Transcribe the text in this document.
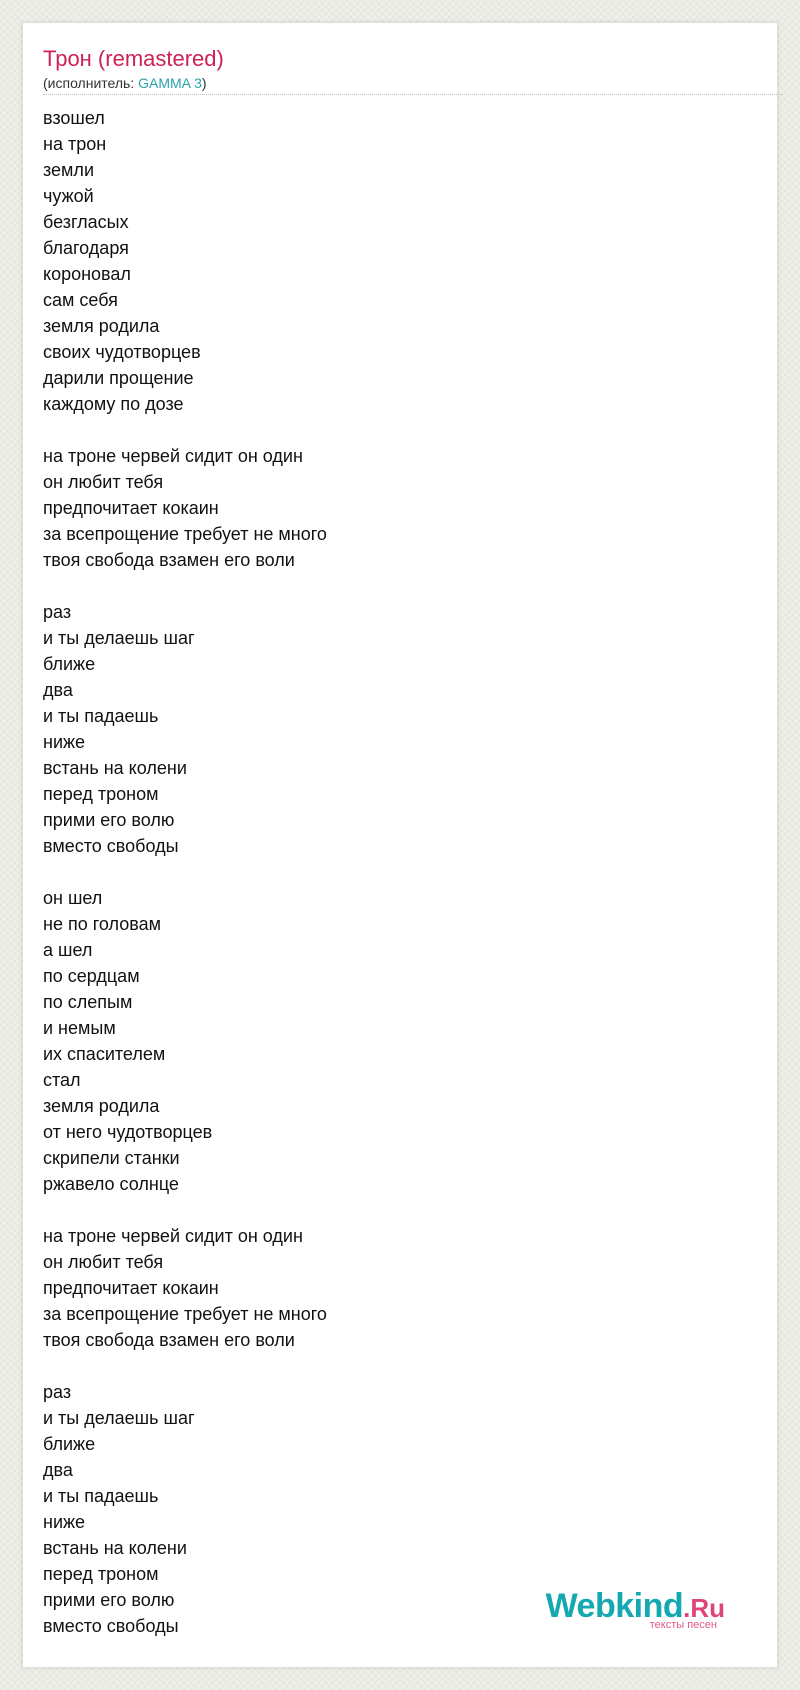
Трон (remastered)
(исполнитель: GAMMA 3)
взошел
на трон
земли
чужой
безгласых
благодаря
короновал
сам себя
земля родила
своих чудотворцев
дарили прощение
каждому по дозе
на троне червей сидит он один
он любит тебя
предпочитает кокаин
за всепрощение требует не много
твоя свобода взамен его воли
раз
и ты делаешь шаг
ближе
два
и ты падаешь
ниже
встань на колени
перед троном
прими его волю
вместо свободы
он шел
не по головам
а шел
по сердцам
по слепым
и немым
их спасителем
стал
земля родила
от него чудотворцев
скрипели станки
ржавело солнце
на троне червей сидит он один
он любит тебя
предпочитает кокаин
за всепрощение требует не много
твоя свобода взамен его воли
раз
и ты делаешь шаг
ближе
два
и ты падаешь
ниже
встань на колени
перед троном
прими его волю
вместо свободы
Webkind.Ru
тексты песен
